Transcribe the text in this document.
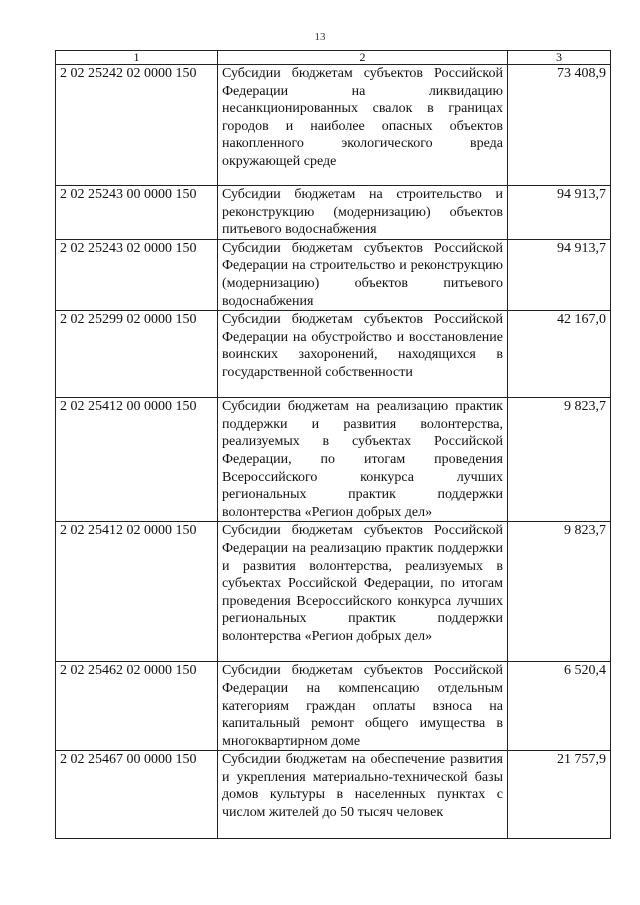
13
1	2	3
2 02 25242 02 0000 150	Субсидии бюджетам субъектов Российской Федерации на ликвидацию несанкционированных свалок в границах городов и наиболее опасных объектов накопленного экологического вреда окружающей среде	73 408,9
2 02 25243 00 0000 150	Субсидии бюджетам на строительство и реконструкцию (модернизацию) объектов питьевого водоснабжения	94 913,7
2 02 25243 02 0000 150	Субсидии бюджетам субъектов Российской Федерации на строительство и реконструкцию (модернизацию) объектов питьевого водоснабжения	94 913,7
2 02 25299 02 0000 150	Субсидии бюджетам субъектов Российской Федерации на обустройство и восстановление воинских захоронений, находящихся в государственной собственности	42 167,0
2 02 25412 00 0000 150	Субсидии бюджетам на реализацию практик поддержки и развития волонтерства, реализуемых в субъектах Российской Федерации, по итогам проведения Всероссийского конкурса лучших региональных практик поддержки волонтерства «Регион добрых дел»	9 823,7
2 02 25412 02 0000 150	Субсидии бюджетам субъектов Российской Федерации на реализацию практик поддержки и развития волонтерства, реализуемых в субъектах Российской Федерации, по итогам проведения Всероссийского конкурса лучших региональных практик поддержки волонтерства «Регион добрых дел»	9 823,7
2 02 25462 02 0000 150	Субсидии бюджетам субъектов Российской Федерации на компенсацию отдельным категориям граждан оплаты взноса на капитальный ремонт общего имущества в многоквартирном доме	6 520,4
2 02 25467 00 0000 150	Субсидии бюджетам на обеспечение развития и укрепления материально-технической базы домов культуры в населенных пунктах с числом жителей до 50 тысяч человек	21 757,9
